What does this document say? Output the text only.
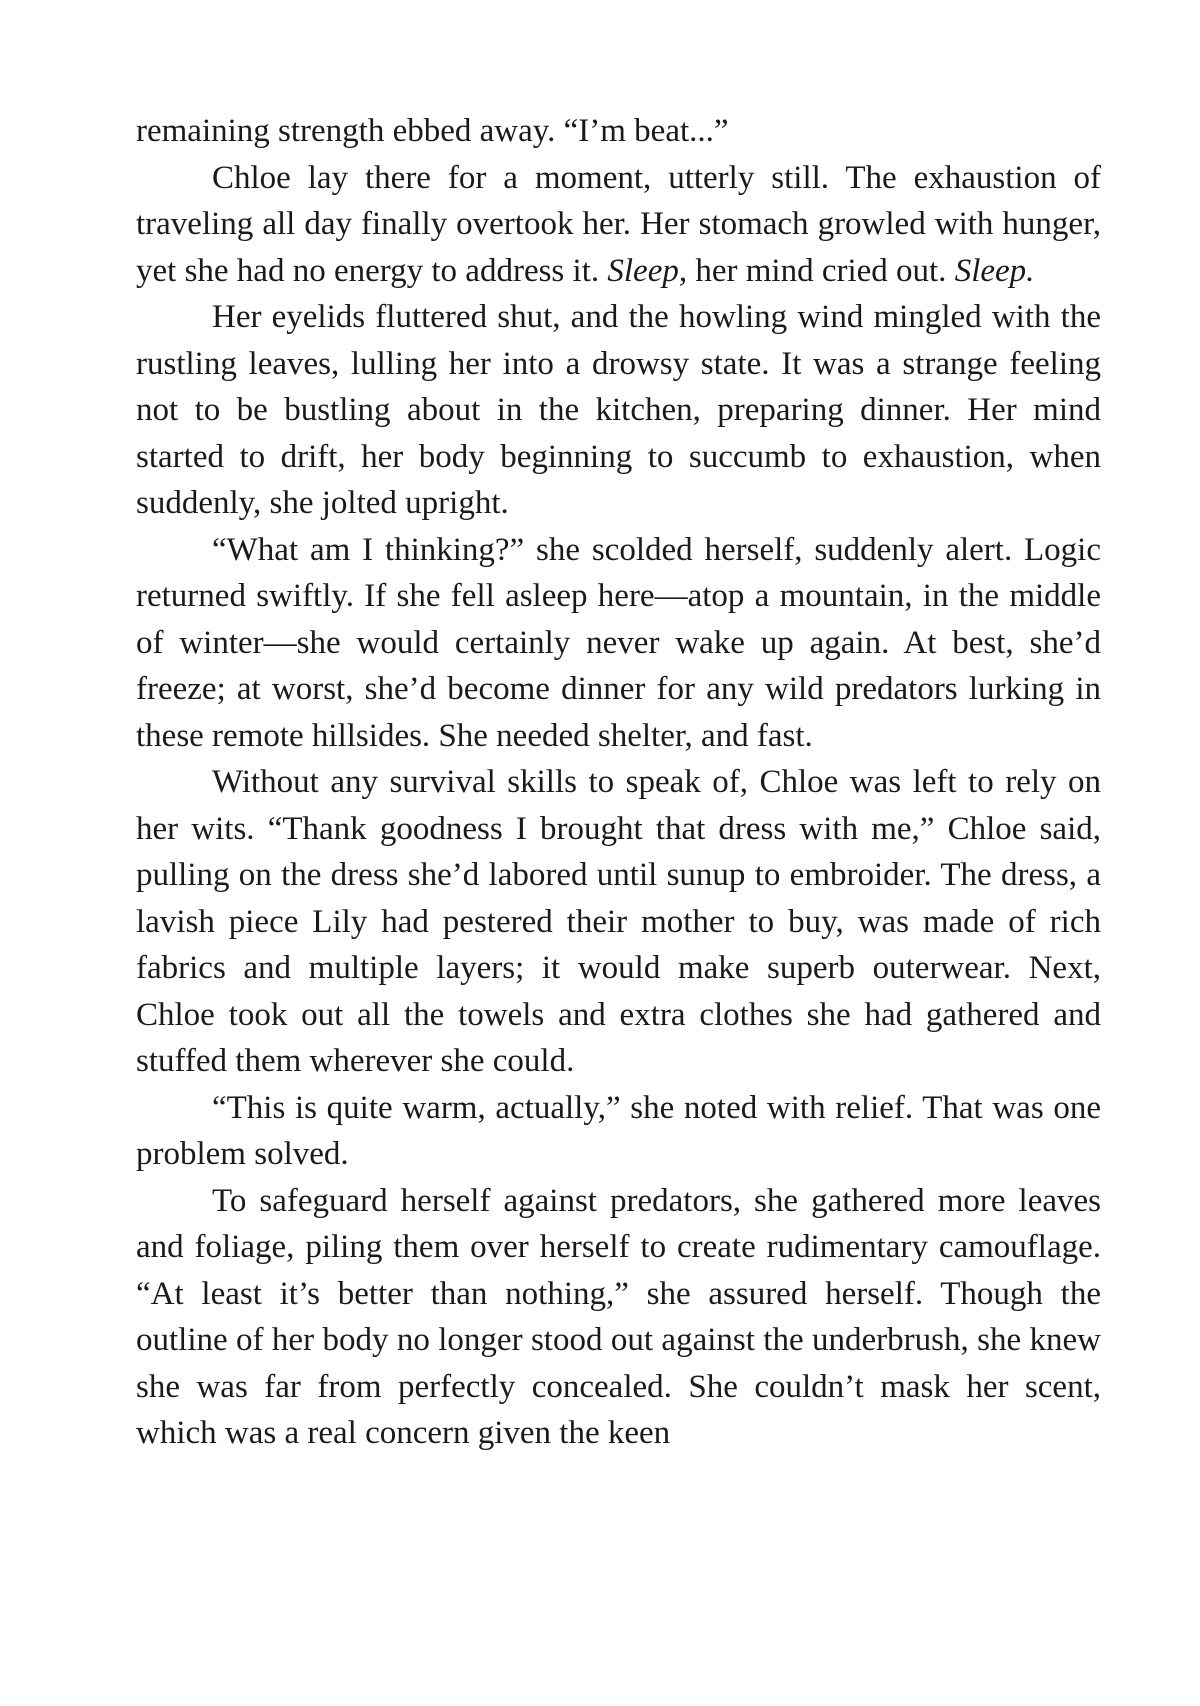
remaining strength ebbed away. “I’m beat...”

Chloe lay there for a moment, utterly still. The exhaustion of traveling all day finally overtook her. Her stomach growled with hunger, yet she had no energy to address it. Sleep, her mind cried out. Sleep.

Her eyelids fluttered shut, and the howling wind mingled with the rustling leaves, lulling her into a drowsy state. It was a strange feeling not to be bustling about in the kitchen, preparing dinner. Her mind started to drift, her body beginning to succumb to exhaustion, when suddenly, she jolted upright.

“What am I thinking?” she scolded herself, suddenly alert. Logic returned swiftly. If she fell asleep here—atop a mountain, in the middle of winter—she would certainly never wake up again. At best, she’d freeze; at worst, she’d become dinner for any wild predators lurking in these remote hillsides. She needed shelter, and fast.

Without any survival skills to speak of, Chloe was left to rely on her wits. “Thank goodness I brought that dress with me,” Chloe said, pulling on the dress she’d labored until sunup to embroider. The dress, a lavish piece Lily had pestered their mother to buy, was made of rich fabrics and multiple layers; it would make superb outerwear. Next, Chloe took out all the towels and extra clothes she had gathered and stuffed them wherever she could.

“This is quite warm, actually,” she noted with relief. That was one problem solved.

To safeguard herself against predators, she gathered more leaves and foliage, piling them over herself to create rudimentary camouflage. “At least it’s better than nothing,” she assured herself. Though the outline of her body no longer stood out against the underbrush, she knew she was far from perfectly concealed. She couldn’t mask her scent, which was a real concern given the keen
